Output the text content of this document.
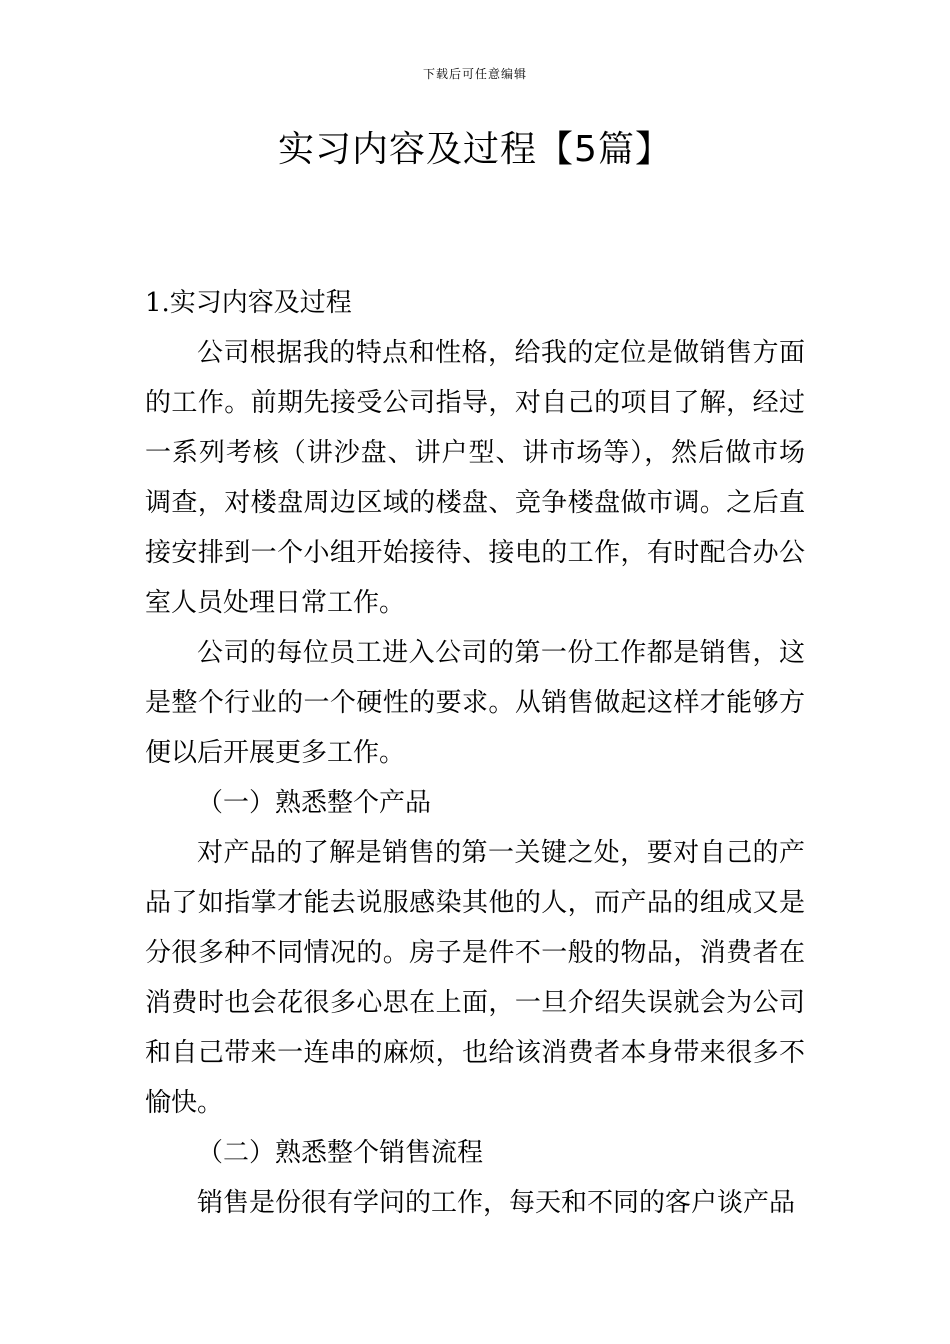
下载后可任意编辑
实习内容及过程【5篇】

1.实习内容及过程

公司根据我的特点和性格，给我的定位是做销售方面的工作。前期先接受公司指导，对自己的项目了解，经过一系列考核（讲沙盘、讲户型、讲市场等），然后做市场调查，对楼盘周边区域的楼盘、竞争楼盘做市调。之后直接安排到一个小组开始接待、接电的工作，有时配合办公室人员处理日常工作。

公司的每位员工进入公司的第一份工作都是销售，这是整个行业的一个硬性的要求。从销售做起这样才能够方便以后开展更多工作。

（一）熟悉整个产品

对产品的了解是销售的第一关键之处，要对自己的产品了如指掌才能去说服感染其他的人，而产品的组成又是分很多种不同情况的。房子是件不一般的物品，消费者在消费时也会花很多心思在上面，一旦介绍失误就会为公司和自己带来一连串的麻烦，也给该消费者本身带来很多不愉快。

（二）熟悉整个销售流程

销售是份很有学问的工作，每天和不同的客户谈产品
